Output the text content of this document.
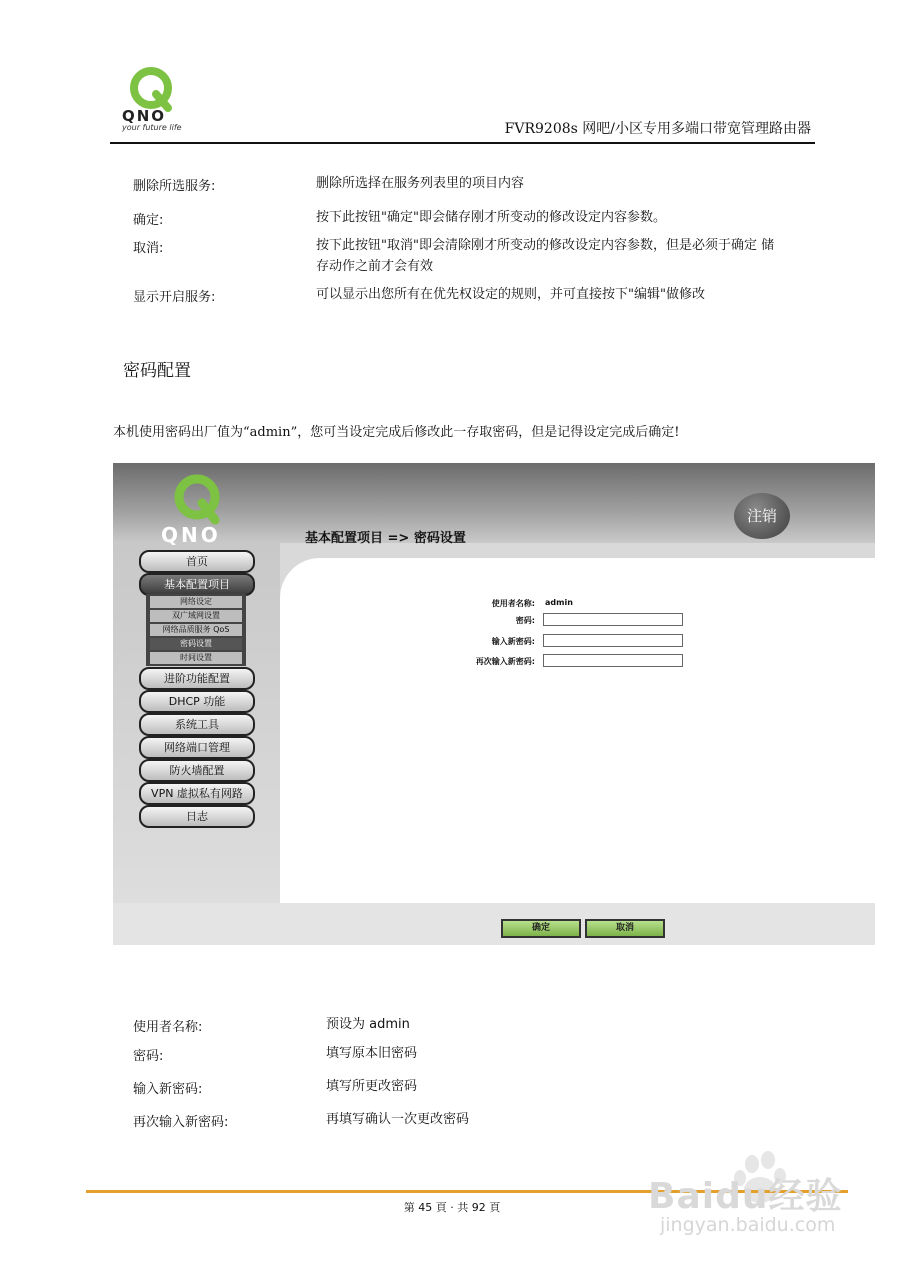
QNO
your future life	FVR9208s 网吧/小区专用多端口带宽管理路由器
删除所选服务:	删除所选择在服务列表里的项目内容
确定:	按下此按钮"确定"即会储存刚才所变动的修改设定内容参数。
取消:	按下此按钮"取消"即会清除刚才所变动的修改设定内容参数，但是必须于确定 储存动作之前才会有效
显示开启服务:	可以显示出您所有在优先权设定的规则，并可直接按下"编辑"做修改
密码配置
本机使用密码出厂值为“admin”，您可当设定完成后修改此一存取密码，但是记得设定完成后确定!
QNO
注销
基本配置项目 => 密码设置
首页
基本配置项目
网络设定
双广域网设置
网络品质服务 QoS
密码设置
时间设置
进阶功能配置
DHCP 功能
系统工具
网络端口管理
防火墙配置
VPN 虚拟私有网路
日志
使用者名称: admin
密码:
输入新密码:
再次输入新密码:
确定	取消
使用者名称:	预设为 admin
密码:	填写原本旧密码
输入新密码:	填写所更改密码
再次输入新密码:	再填写确认一次更改密码
Baidu经验
jingyan.baidu.com
第 45 頁 · 共 92 頁
